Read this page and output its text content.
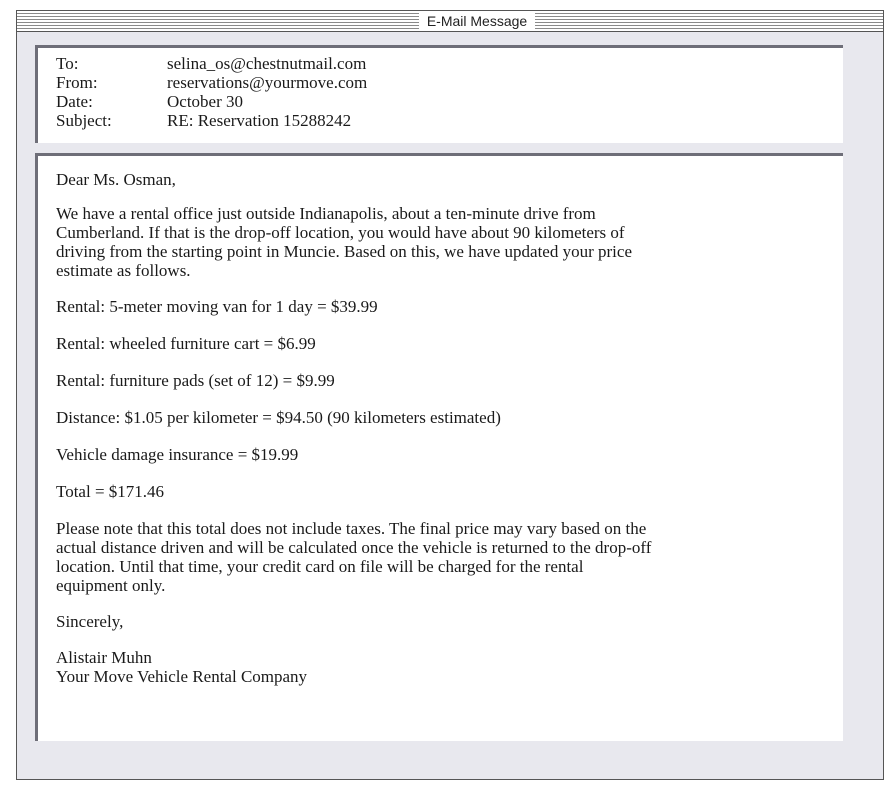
E-Mail Message
To:	selina_os@chestnutmail.com
From:	reservations@yourmove.com
Date:	October 30
Subject:	RE: Reservation 15288242

Dear Ms. Osman,

We have a rental office just outside Indianapolis, about a ten-minute drive from
Cumberland. If that is the drop-off location, you would have about 90 kilometers of
driving from the starting point in Muncie. Based on this, we have updated your price
estimate as follows.

Rental: 5-meter moving van for 1 day = $39.99

Rental: wheeled furniture cart = $6.99

Rental: furniture pads (set of 12) = $9.99

Distance: $1.05 per kilometer = $94.50 (90 kilometers estimated)

Vehicle damage insurance = $19.99

Total = $171.46

Please note that this total does not include taxes. The final price may vary based on the
actual distance driven and will be calculated once the vehicle is returned to the drop-off
location. Until that time, your credit card on file will be charged for the rental
equipment only.

Sincerely,

Alistair Muhn
Your Move Vehicle Rental Company
